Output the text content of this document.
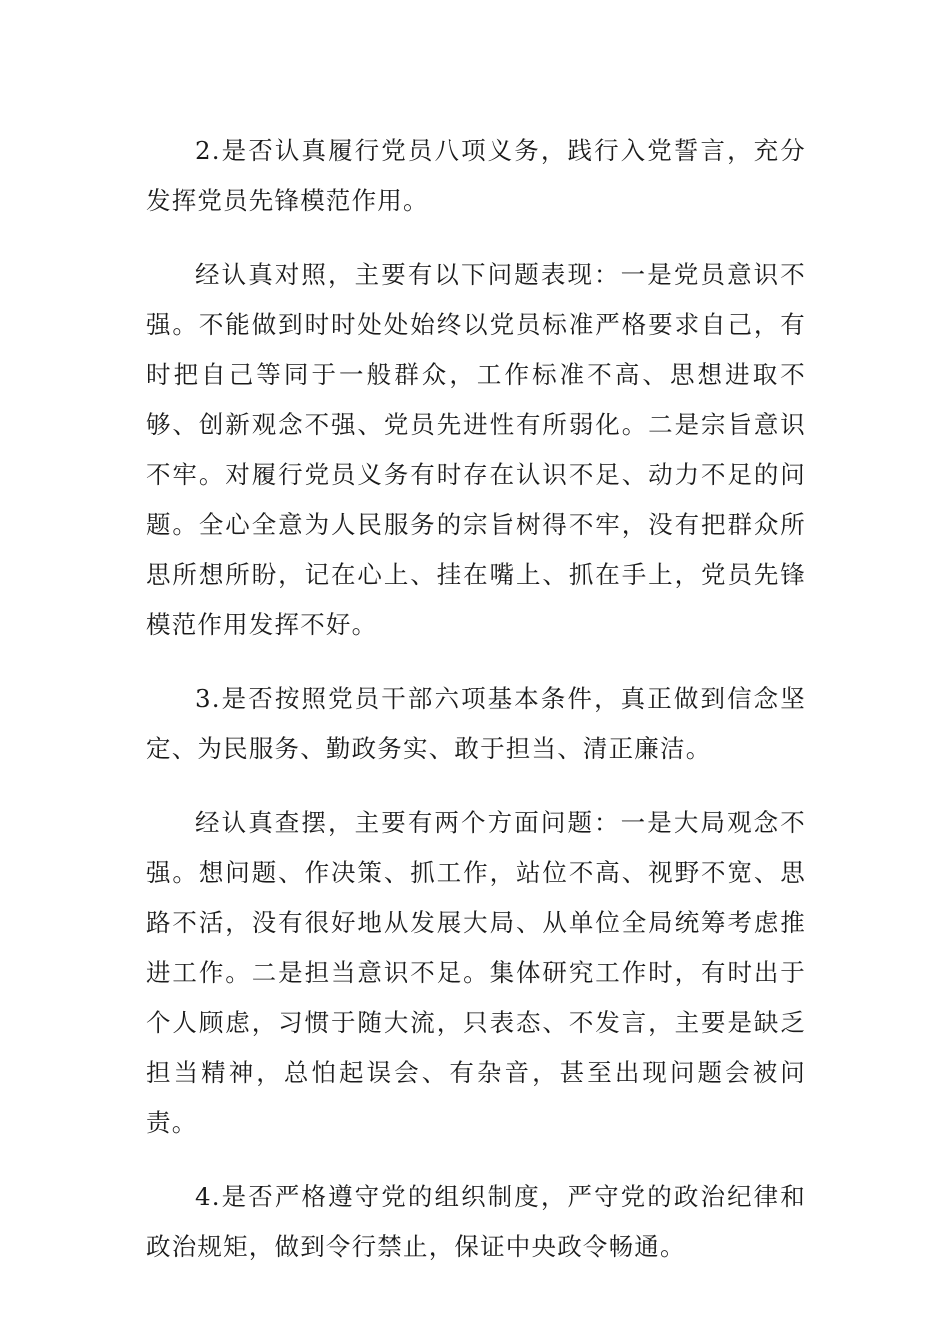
2.是否认真履行党员八项义务，践行入党誓言，充分发挥党员先锋模范作用。

经认真对照，主要有以下问题表现：一是党员意识不强。不能做到时时处处始终以党员标准严格要求自己，有时把自己等同于一般群众，工作标准不高、思想进取不够、创新观念不强、党员先进性有所弱化。二是宗旨意识不牢。对履行党员义务有时存在认识不足、动力不足的问题。全心全意为人民服务的宗旨树得不牢，没有把群众所思所想所盼，记在心上、挂在嘴上、抓在手上，党员先锋模范作用发挥不好。

3.是否按照党员干部六项基本条件，真正做到信念坚定、为民服务、勤政务实、敢于担当、清正廉洁。

经认真查摆，主要有两个方面问题：一是大局观念不强。想问题、作决策、抓工作，站位不高、视野不宽、思路不活，没有很好地从发展大局、从单位全局统筹考虑推进工作。二是担当意识不足。集体研究工作时，有时出于个人顾虑，习惯于随大流，只表态、不发言，主要是缺乏担当精神，总怕起误会、有杂音，甚至出现问题会被问责。

4.是否严格遵守党的组织制度，严守党的政治纪律和政治规矩，做到令行禁止，保证中央政令畅通。
